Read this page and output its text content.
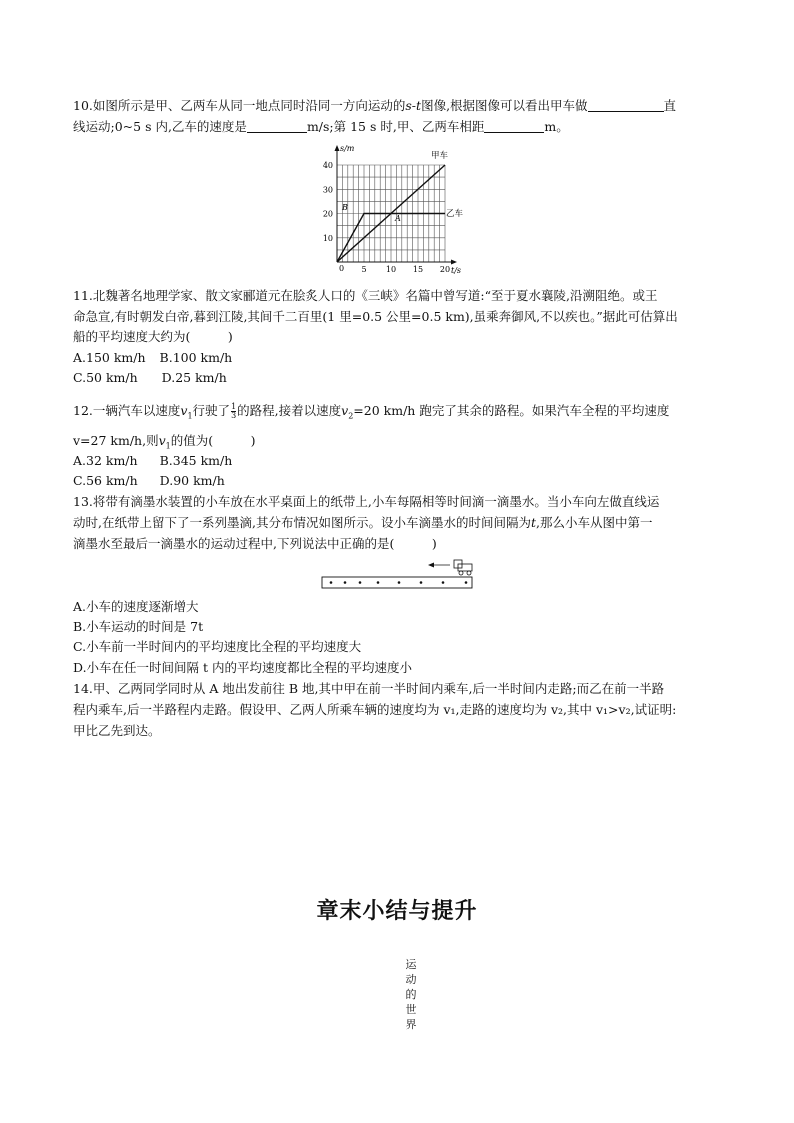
10.如图所示是甲、乙两车从同一地点同时沿同一方向运动的s-t图像,根据图像可以看出甲车做	直
线运动;0~5 s 内,乙车的速度是	m/s;第 15 s 时,甲、乙两车相距	m。
s/m
t/s
0
10
20
30
40
5 10 15 20
甲车
乙车
A
B
11.北魏著名地理学家、散文家郦道元在脍炙人口的《三峡》名篇中曾写道:“至于夏水襄陵,沿溯阻绝。或王
命急宣,有时朝发白帝,暮到江陵,其间千二百里(1 里=0.5 公里=0.5 km),虽乘奔御风,不以疾也。”据此可估算出
船的平均速度大约为(　　　)
A.150 km/h B.100 km/h
C.50 km/h D.25 km/h
12.一辆汽车以速度$v_1$行驶了 $\frac{1}{3}$ 的路程,接着以速度$v_2=20$ km/h 跑完了其余的路程。如果汽车全程的平均速度
v=27 km/h,则$v_1$的值为(　　　)
A.32 km/h B.345 km/h
C.56 km/h D.90 km/h
13.将带有滴墨水装置的小车放在水平桌面上的纸带上,小车每隔相等时间滴一滴墨水。当小车向左做直线运
动时,在纸带上留下了一系列墨滴,其分布情况如图所示。设小车滴墨水的时间间隔为t,那么小车从图中第一
滴墨水至最后一滴墨水的运动过程中,下列说法中正确的是(　　　)
A.小车的速度逐渐增大
B.小车运动的时间是 7t
C.小车前一半时间内的平均速度比全程的平均速度大
D.小车在任一时间间隔 t 内的平均速度都比全程的平均速度小
14.甲、乙两同学同时从 A 地出发前往 B 地,其中甲在前一半时间内乘车,后一半时间内走路;而乙在前一半路
程内乘车,后一半路程内走路。假设甲、乙两人所乘车辆的速度均为 v₁,走路的速度均为 v₂,其中 v₁>v₂,试证明:
甲比乙先到达。
章末小结与提升
运
动
的
世
界
